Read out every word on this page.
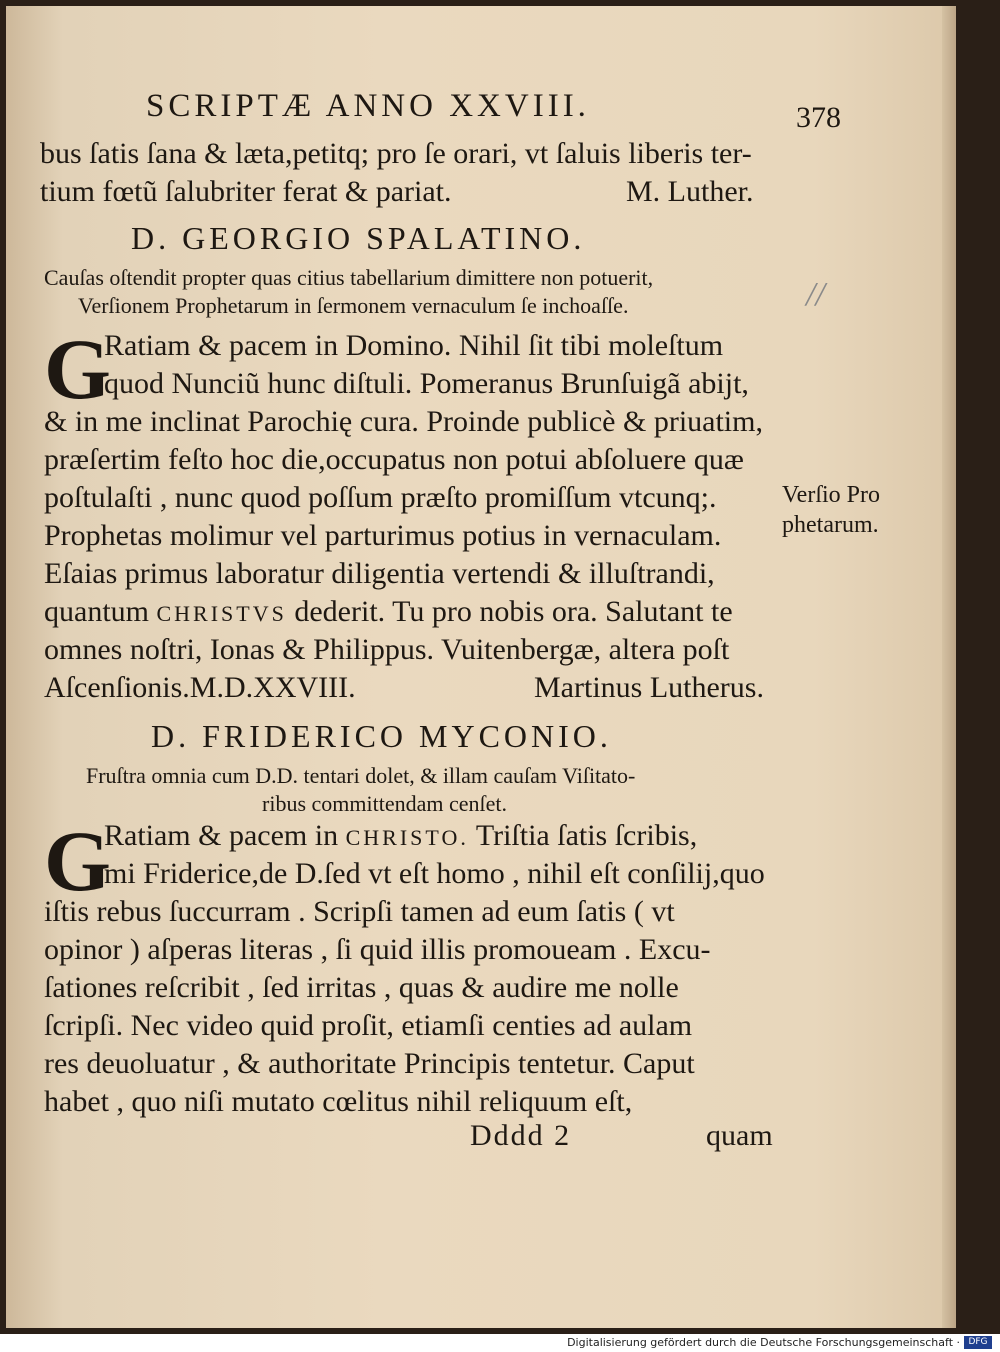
SCRIPTÆ ANNO XXVIII.	378
bus ſatis ſana & læta,petitq; pro ſe orari, vt ſaluis liberis ter-
tium fœtũ ſalubriter ferat & pariat.	M. Luther.
D. GEORGIO SPALATINO.
Cauſas oſtendit propter quas citius tabellarium dimittere non potuerit,
Verſionem Prophetarum in ſermonem vernaculum ſe inchoaſſe.	//
G
Ratiam & pacem in Domino. Nihil ſit tibi moleſtum
quod Nunciũ hunc diſtuli. Pomeranus Brunſuigã abijt,
& in me inclinat Parochię cura. Proinde publicè & priuatim,
præſertim feſto hoc die,occupatus non potui abſoluere quæ
poſtulaſti , nunc quod poſſum præſto promiſſum vtcunq;.
Prophetas molimur vel parturimus potius in vernaculam.
Eſaias primus laboratur diligentia vertendi & illuſtrandi,
quantum CHRISTVS dederit. Tu pro nobis ora. Salutant te
omnes noſtri, Ionas & Philippus. Vuitenbergæ, altera poſt
Aſcenſionis.M.D.XXVIII.	Martinus Lutherus.
Verſio Pro
phetarum.
D. FRIDERICO MYCONIO.
Fruſtra omnia cum D.D. tentari dolet, & illam cauſam Viſitato-
ribus committendam cenſet.
G
Ratiam & pacem in CHRISTO. Triſtia ſatis ſcribis,
mi Friderice,de D.ſed vt eſt homo , nihil eſt conſilij,quo
iſtis rebus ſuccurram . Scripſi tamen ad eum ſatis ( vt
opinor ) aſperas literas , ſi quid illis promoueam . Excu-
ſationes reſcribit , ſed irritas , quas & audire me nolle
ſcripſi. Nec video quid proſit, etiamſi centies ad aulam
res deuoluatur , & authoritate Principis tentetur. Caput
habet , quo niſi mutato cœlitus nihil reliquum eſt,
Dddd 2	quam
Digitalisierung gefördert durch die Deutsche Forschungsgemeinschaft · DFG
